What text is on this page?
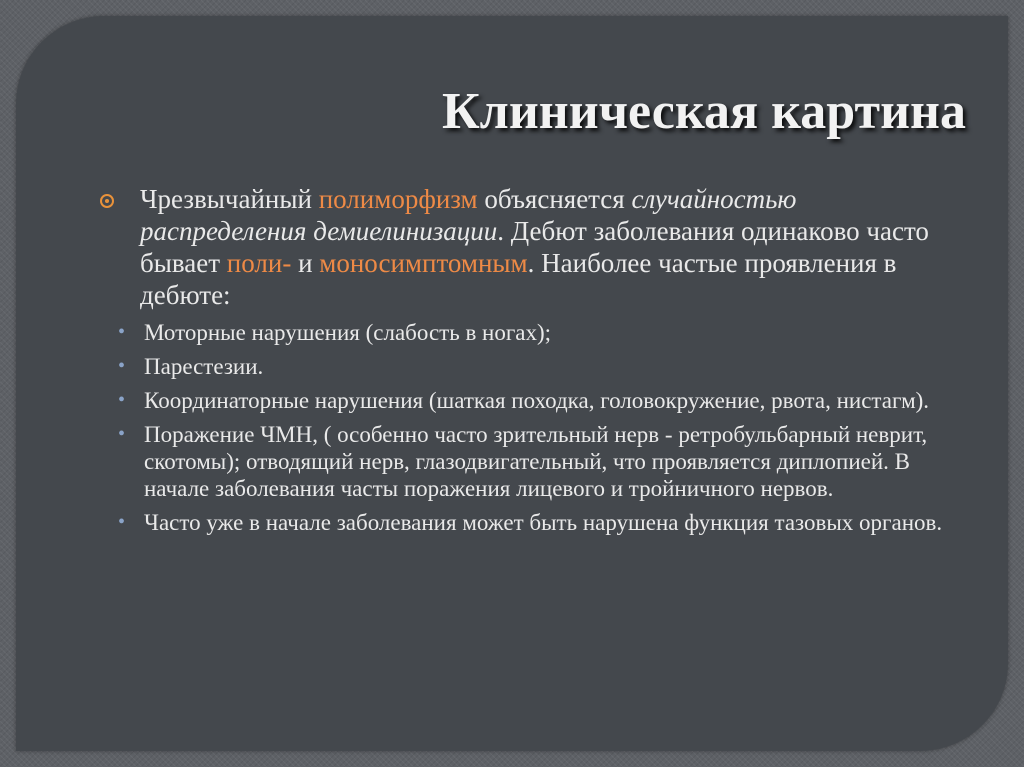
Клиническая картина

Чрезвычайный полиморфизм объясняется случайностью распределения демиелинизации. Дебют заболевания одинаково часто бывает поли- и моносимптомным. Наиболее частые проявления в дебюте:

• Моторные нарушения (слабость в ногах);
• Парестезии.
• Координаторные нарушения (шаткая походка, головокружение, рвота, нистагм).
• Поражение ЧМН, ( особенно часто зрительный нерв - ретробульбарный неврит, скотомы); отводящий нерв, глазодвигательный, что проявляется диплопией. В начале заболевания часты поражения лицевого и тройничного нервов.
• Часто уже в начале заболевания может быть нарушена функция тазовых органов.
